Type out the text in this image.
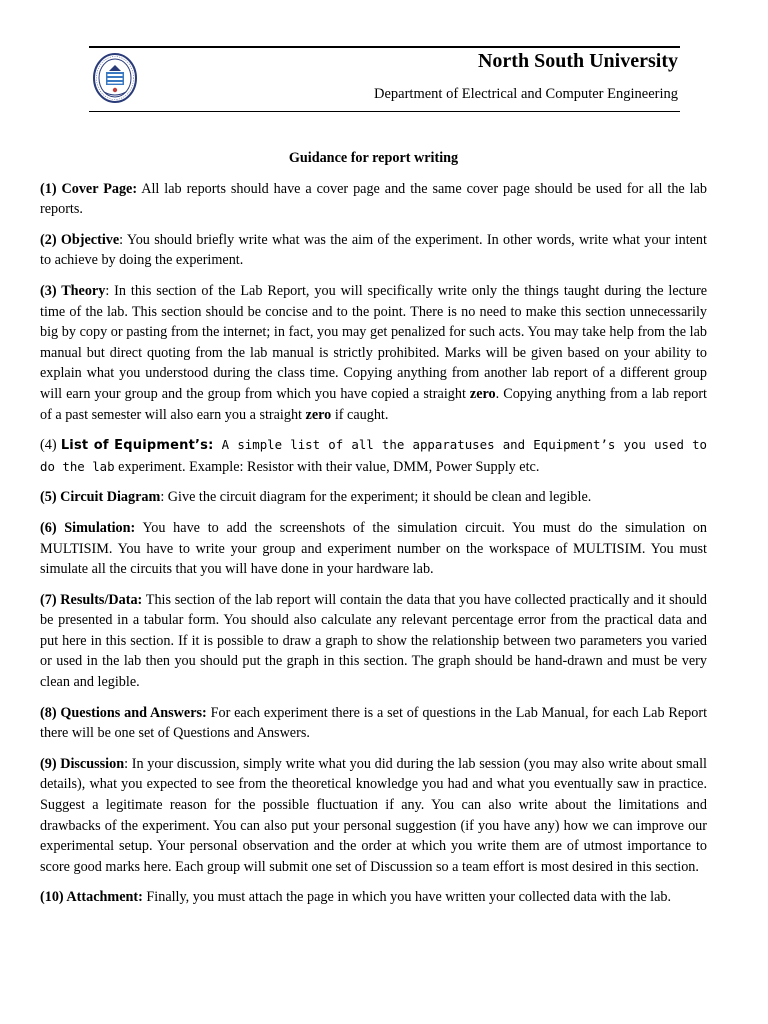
North South University
Department of Electrical and Computer Engineering

Guidance for report writing

(1) Cover Page: All lab reports should have a cover page and the same cover page should be used for all the lab reports.

(2) Objective: You should briefly write what was the aim of the experiment. In other words, write what your intent to achieve by doing the experiment.

(3) Theory: In this section of the Lab Report, you will specifically write only the things taught during the lecture time of the lab. This section should be concise and to the point. There is no need to make this section unnecessarily big by copy or pasting from the internet; in fact, you may get penalized for such acts. You may take help from the lab manual but direct quoting from the lab manual is strictly prohibited. Marks will be given based on your ability to explain what you understood during the class time. Copying anything from another lab report of a different group will earn your group and the group from which you have copied a straight zero. Copying anything from a lab report of a past semester will also earn you a straight zero if caught.

(4) List of Equipment’s: A simple list of all the apparatuses and Equipment’s you used to do the lab experiment. Example: Resistor with their value, DMM, Power Supply etc.

(5) Circuit Diagram: Give the circuit diagram for the experiment; it should be clean and legible.

(6) Simulation: You have to add the screenshots of the simulation circuit. You must do the simulation on MULTISIM. You have to write your group and experiment number on the workspace of MULTISIM. You must simulate all the circuits that you will have done in your hardware lab.

(7) Results/Data: This section of the lab report will contain the data that you have collected practically and it should be presented in a tabular form. You should also calculate any relevant percentage error from the practical data and put here in this section. If it is possible to draw a graph to show the relationship between two parameters you varied or used in the lab then you should put the graph in this section. The graph should be hand-drawn and must be very clean and legible.

(8) Questions and Answers: For each experiment there is a set of questions in the Lab Manual, for each Lab Report there will be one set of Questions and Answers.

(9) Discussion: In your discussion, simply write what you did during the lab session (you may also write about small details), what you expected to see from the theoretical knowledge you had and what you eventually saw in practice. Suggest a legitimate reason for the possible fluctuation if any. You can also write about the limitations and drawbacks of the experiment. You can also put your personal suggestion (if you have any) how we can improve our experimental setup. Your personal observation and the order at which you write them are of utmost importance to score good marks here. Each group will submit one set of Discussion so a team effort is most desired in this section.

(10) Attachment: Finally, you must attach the page in which you have written your collected data with the lab.
